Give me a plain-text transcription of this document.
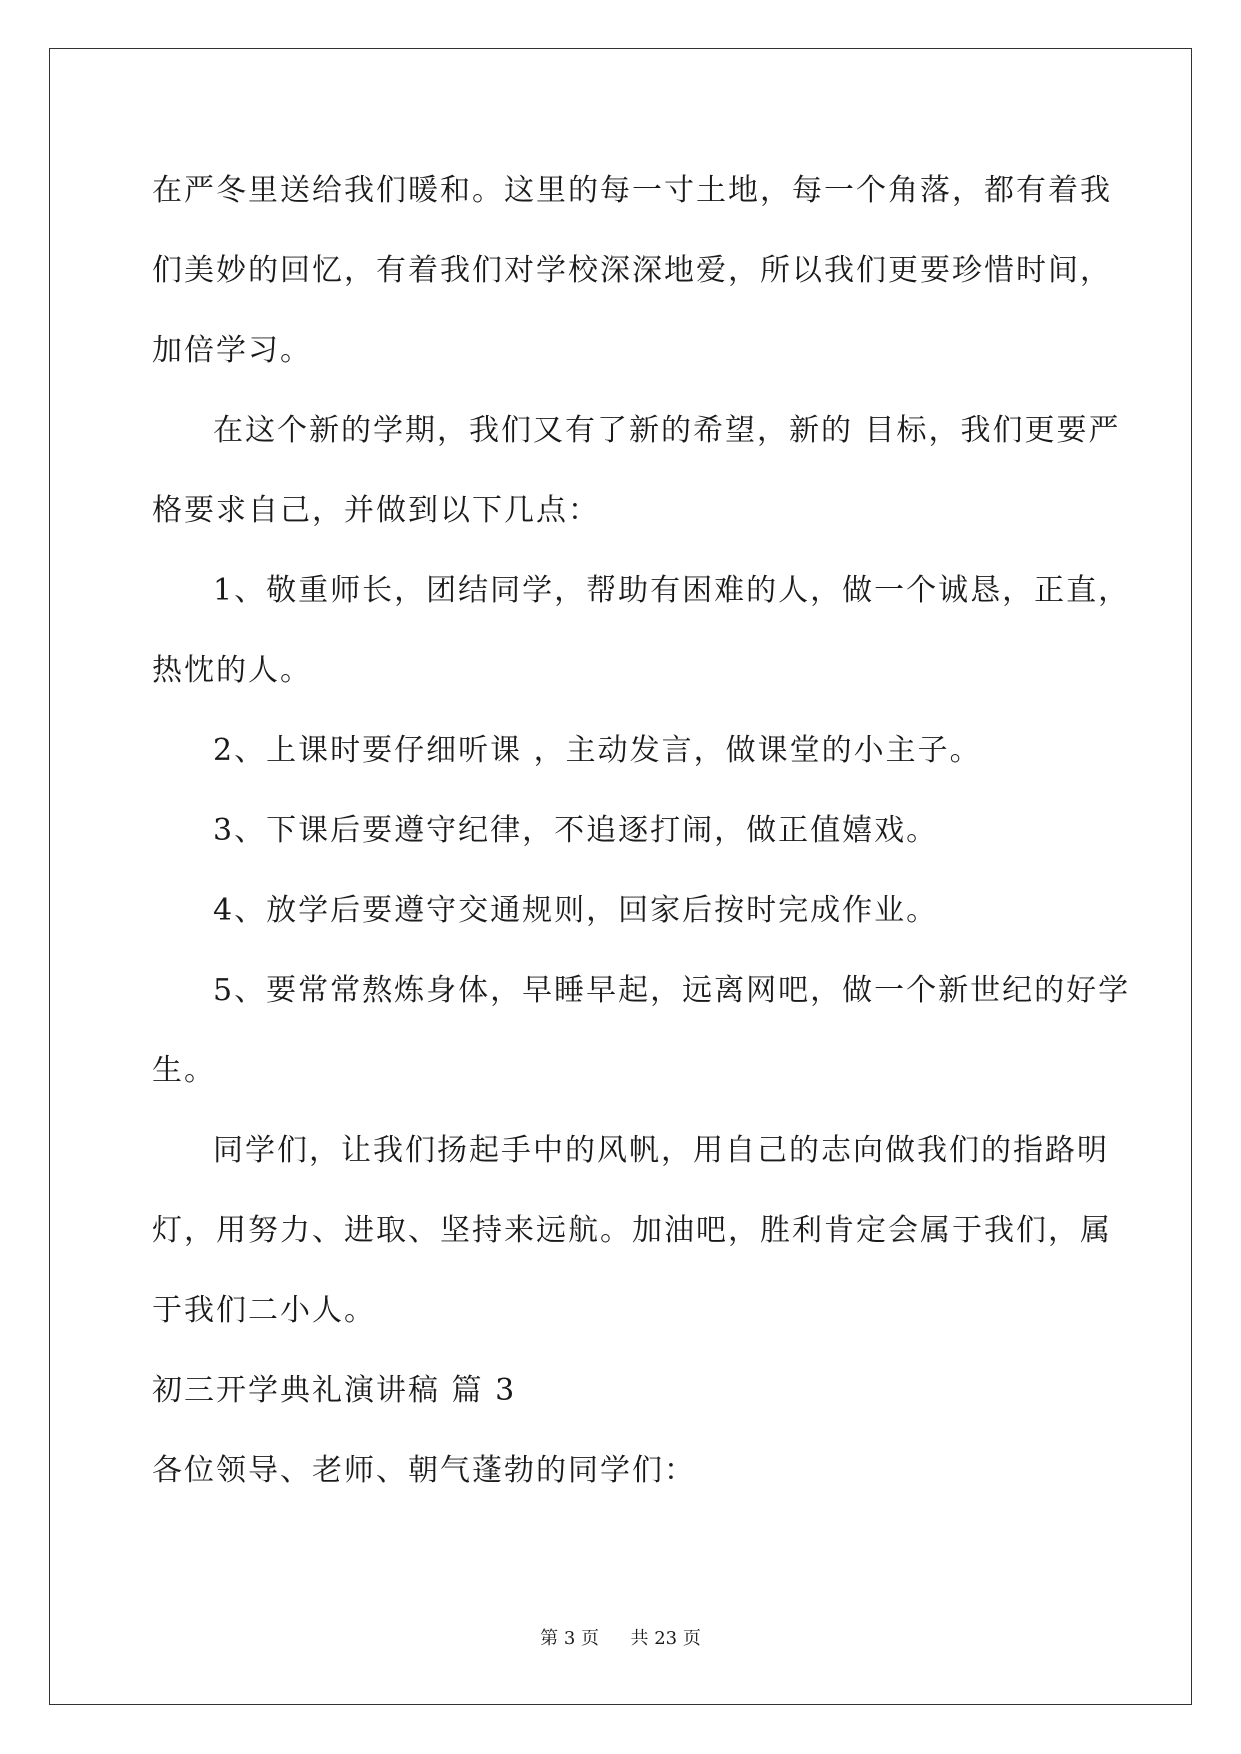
在严冬里送给我们暖和。这里的每一寸土地，每一个角落，都有着我
们美妙的回忆，有着我们对学校深深地爱，所以我们更要珍惜时间，
加倍学习。
在这个新的学期，我们又有了新的希望，新的 目标，我们更要严
格要求自己，并做到以下几点：
1、敬重师长，团结同学，帮助有困难的人，做一个诚恳，正直，
热忱的人。
2、上课时要仔细听课 ，主动发言，做课堂的小主子。
3、下课后要遵守纪律，不追逐打闹，做正值嬉戏。
4、放学后要遵守交通规则，回家后按时完成作业。
5、要常常熬炼身体，早睡早起，远离网吧，做一个新世纪的好学
生。
同学们，让我们扬起手中的风帆，用自己的志向做我们的指路明
灯，用努力、进取、坚持来远航。加油吧，胜利肯定会属于我们，属
于我们二小人。
初三开学典礼演讲稿 篇 3
各位领导、老师、朝气蓬勃的同学们：
第 3 页 共 23 页
